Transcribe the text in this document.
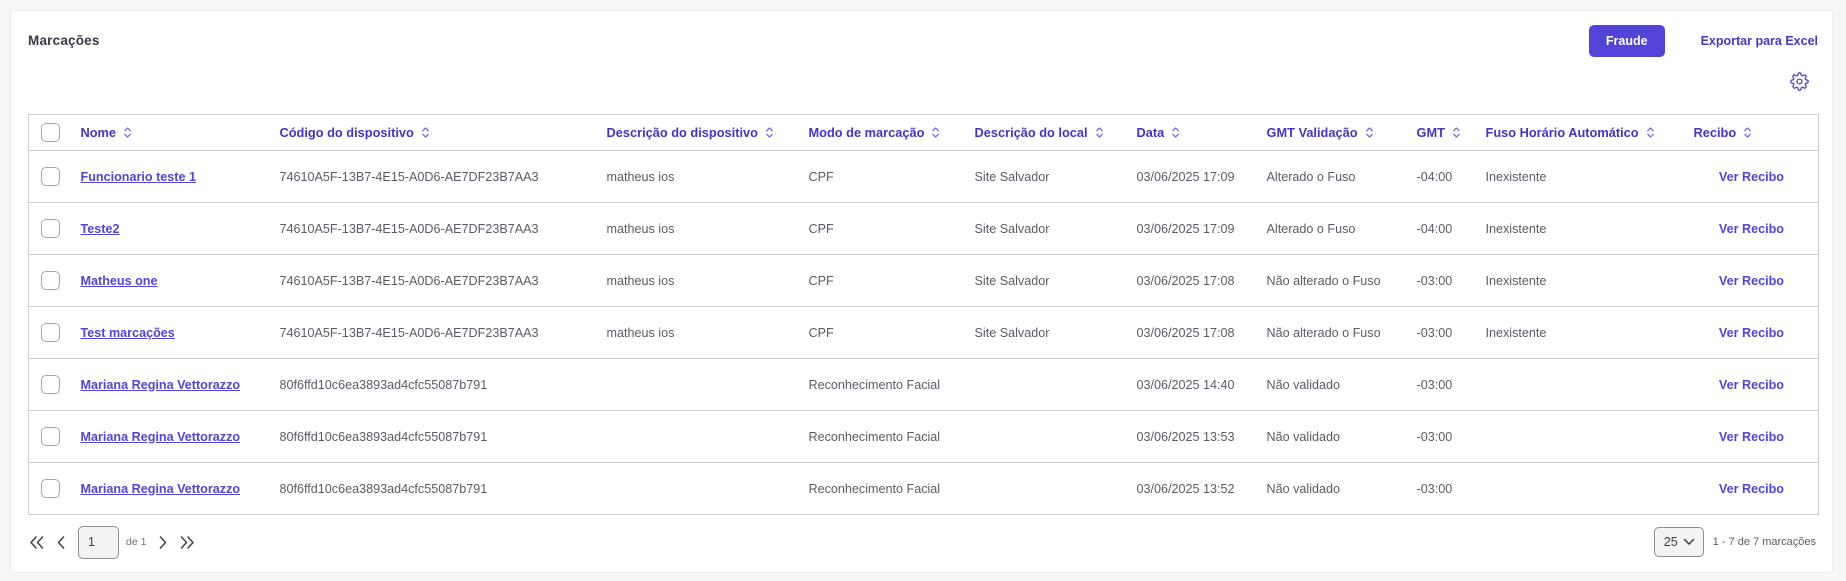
Marcações	Fraude	Exportar para Excel

	Nome	Código do dispositivo	Descrição do dispositivo	Modo de marcação	Descrição do local	Data	GMT Validação	GMT	Fuso Horário Automático	Recibo

	Funcionario teste 1	74610A5F-13B7-4E15-A0D6-AE7DF23B7AA3	matheus ios	CPF	Site Salvador	03/06/2025 17:09	Alterado o Fuso	-04:00	Inexistente	Ver Recibo

	Teste2	74610A5F-13B7-4E15-A0D6-AE7DF23B7AA3	matheus ios	CPF	Site Salvador	03/06/2025 17:09	Alterado o Fuso	-04:00	Inexistente	Ver Recibo

	Matheus one	74610A5F-13B7-4E15-A0D6-AE7DF23B7AA3	matheus ios	CPF	Site Salvador	03/06/2025 17:08	Não alterado o Fuso	-03:00	Inexistente	Ver Recibo

	Test marcações	74610A5F-13B7-4E15-A0D6-AE7DF23B7AA3	matheus ios	CPF	Site Salvador	03/06/2025 17:08	Não alterado o Fuso	-03:00	Inexistente	Ver Recibo

	Mariana Regina Vettorazzo	80f6ffd10c6ea3893ad4cfc55087b791		Reconhecimento Facial		03/06/2025 14:40	Não validado	-03:00		Ver Recibo

	Mariana Regina Vettorazzo	80f6ffd10c6ea3893ad4cfc55087b791		Reconhecimento Facial		03/06/2025 13:53	Não validado	-03:00		Ver Recibo

	Mariana Regina Vettorazzo	80f6ffd10c6ea3893ad4cfc55087b791		Reconhecimento Facial		03/06/2025 13:52	Não validado	-03:00		Ver Recibo
1
de 1	25	1 - 7 de 7 marcações
